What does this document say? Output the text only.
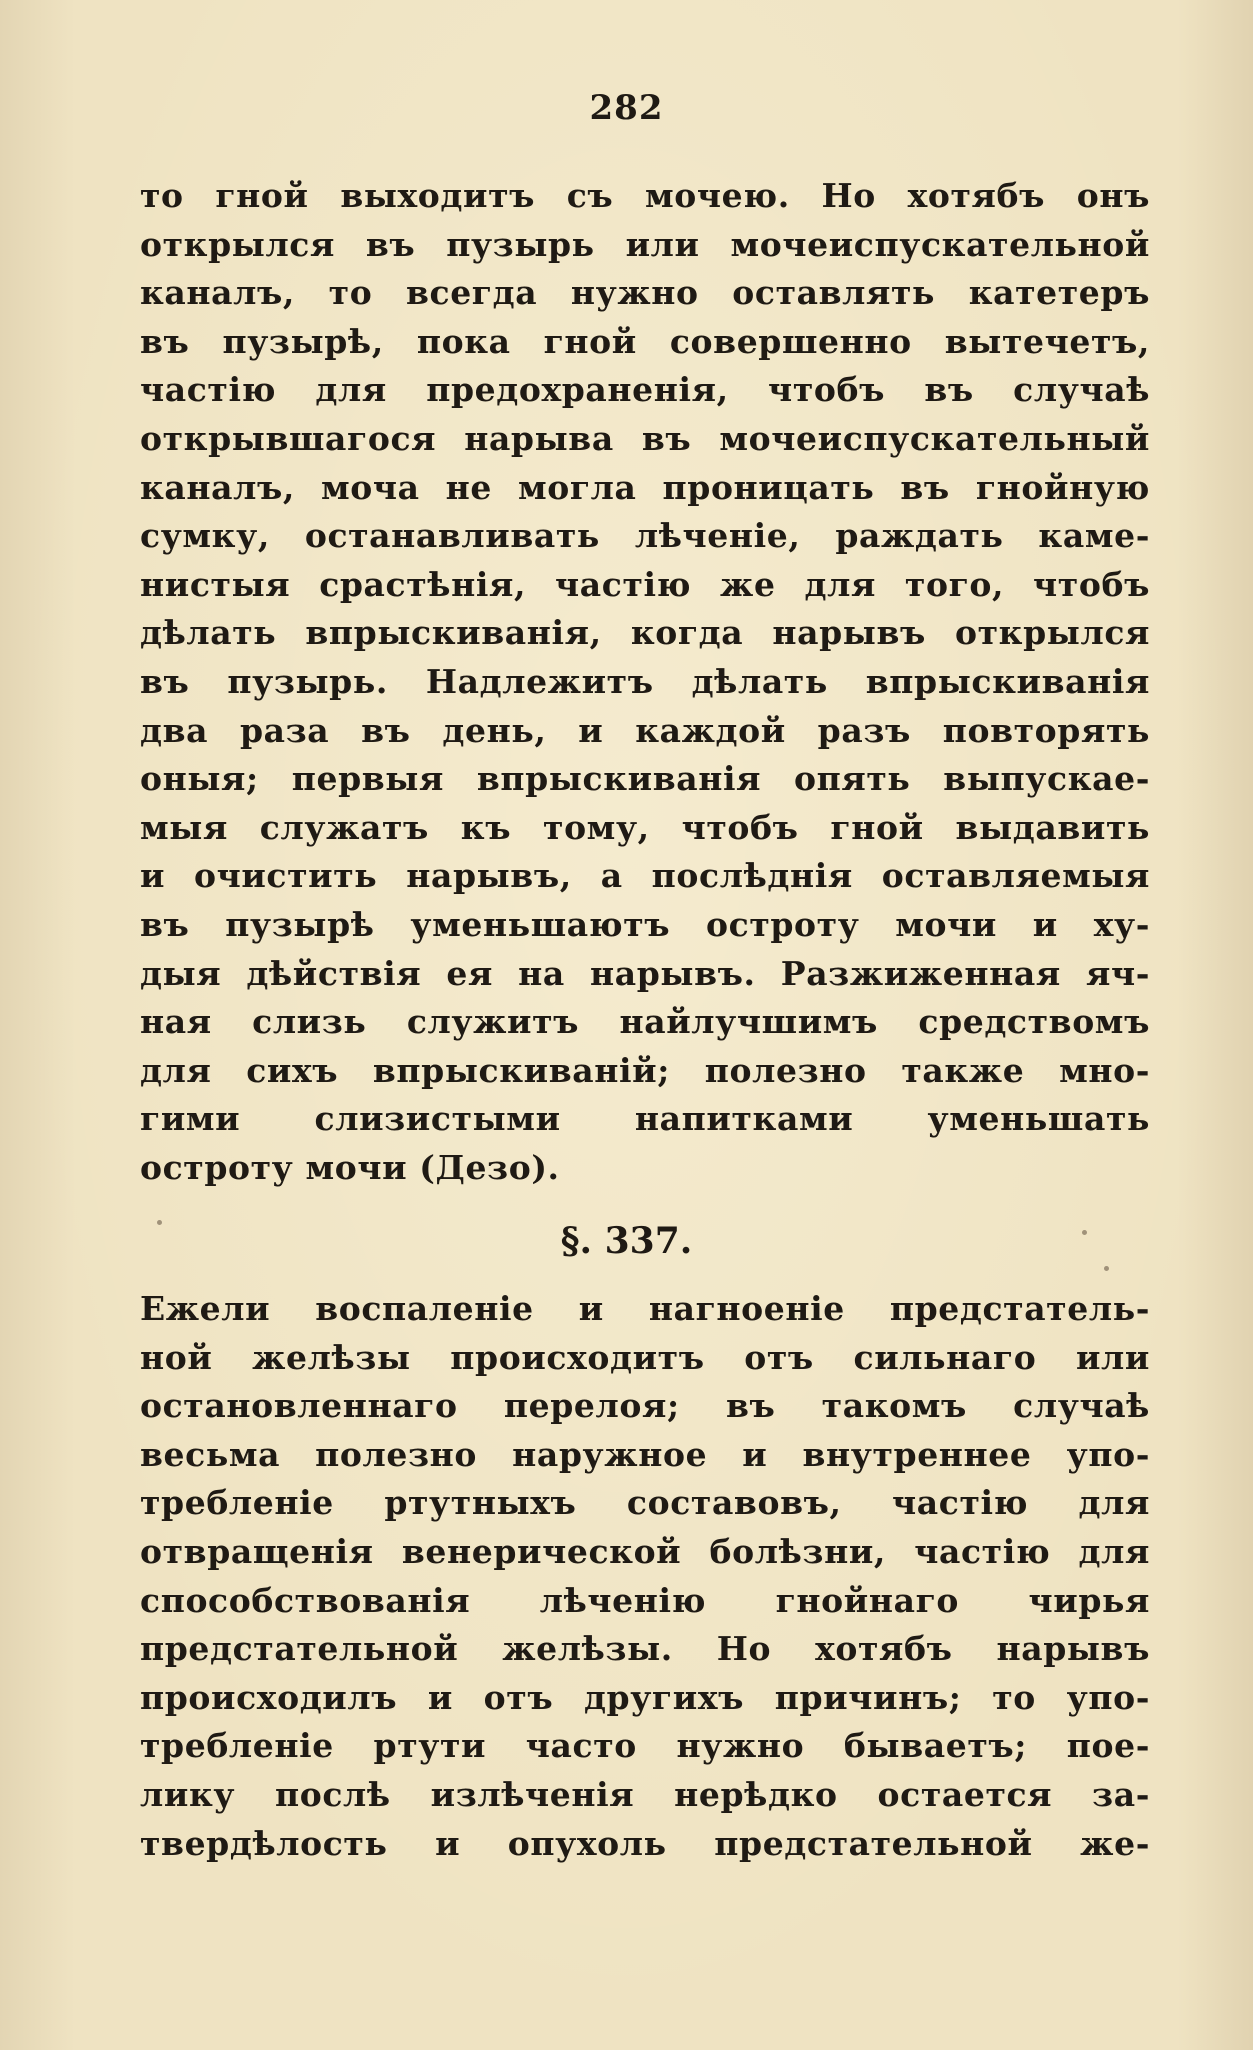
282
то гной выходитъ съ мочею. Но хотябъ онъ
открылся въ пузырь или мочеиспускательной
каналъ, то всегда нужно оставлять катетеръ
въ пузырѣ, пока гной совершенно вытечетъ,
частію для предохраненія, чтобъ въ случаѣ
открывшагося нарыва въ мочеиспускательный
каналъ, моча не могла проницать въ гнойную
сумку, останавливать лѣченіе, раждать каме-
нистыя срастѣнія, частію же для того, чтобъ
дѣлать впрыскиванія, когда нарывъ открылся
въ пузырь. Надлежитъ дѣлать впрыскиванія
два раза въ день, и каждой разъ повторять
оныя; первыя впрыскиванія опять выпускае-
мыя служатъ къ тому, чтобъ гной выдавить
и очистить нарывъ, а послѣднія оставляемыя
въ пузырѣ уменьшаютъ остроту мочи и ху-
дыя дѣйствія ея на нарывъ. Разжиженная яч-
ная слизь служитъ найлучшимъ средствомъ
для сихъ впрыскиваній; полезно также мно-
гими слизистыми напитками уменьшать
остроту мочи (Дезо).
§. 337.
Ежели воспаленіе и нагноеніе предстатель-
ной желѣзы происходитъ отъ сильнаго или
остановленнаго перелоя; въ такомъ случаѣ
весьма полезно наружное и внутреннее упо-
требленіе ртутныхъ составовъ, частію для
отвращенія венерической болѣзни, частію для
способствованія лѣченію гнойнаго чирья
предстательной желѣзы. Но хотябъ нарывъ
происходилъ и отъ другихъ причинъ; то упо-
требленіе ртути часто нужно бываетъ; пое-
лику послѣ излѣченія нерѣдко остается за-
твердѣлость и опухоль предстательной же-
